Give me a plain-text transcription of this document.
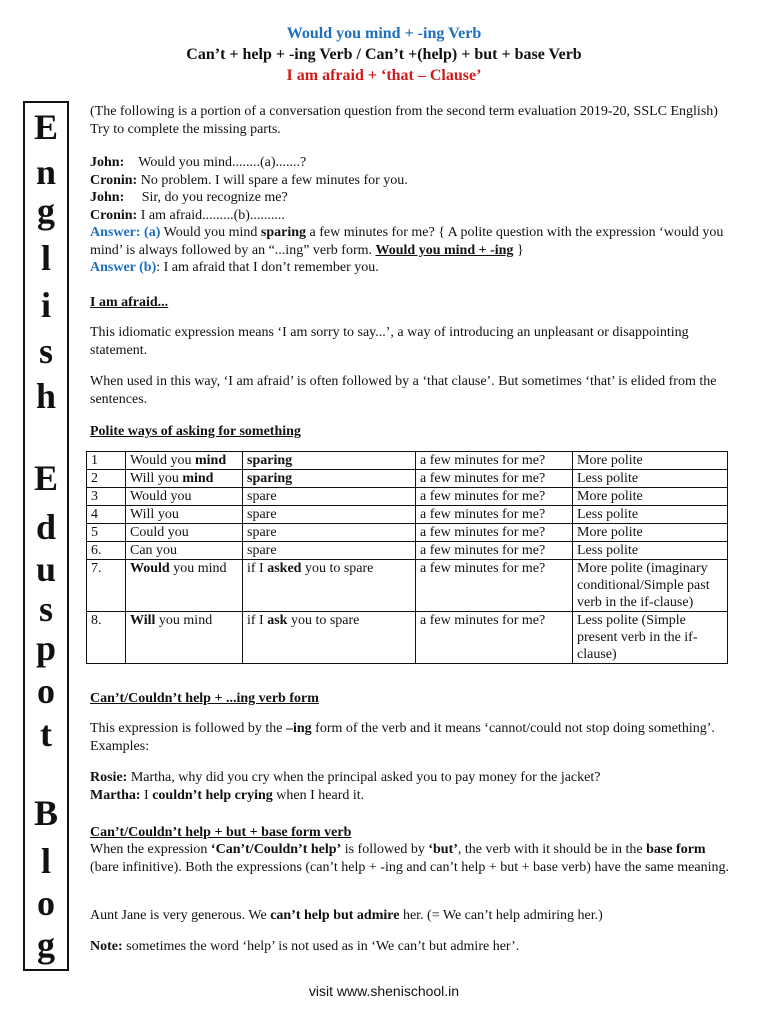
Would you mind + -ing Verb
Can’t + help + -ing Verb / Can’t +(help) + but + base Verb
I am afraid + ‘that – Clause’
E
n
g
l
i
s
h
E
d
u
s
p
o
t
B
l
o
g
(The following is a portion of a conversation question from the second term evaluation 2019-20, SSLC English) Try to complete the missing parts.
John: Would you mind........(a).......?
Cronin: No problem. I will spare a few minutes for you.
John: Sir, do you recognize me?
Cronin: I am afraid.........(b)..........
Answer: (a) Would you mind sparing a few minutes for me? { A polite question with the expression ‘would you mind’ is always followed by an “...ing” verb form. Would you mind + -ing }
Answer (b): I am afraid that I don’t remember you.
I am afraid...
This idiomatic expression means ‘I am sorry to say...’, a way of introducing an unpleasant or disappointing statement.
When used in this way, ‘I am afraid’ is often followed by a ‘that clause’. But sometimes ‘that’ is elided from the sentences.
Polite ways of asking for something
1	Would you mind	sparing	a few minutes for me?	More polite
2	Will you mind	sparing	a few minutes for me?	Less polite
3	Would you	spare	a few minutes for me?	More polite
4	Will you	spare	a few minutes for me?	Less polite
5	Could you	spare	a few minutes for me?	More polite
6.	Can you	spare	a few minutes for me?	Less polite
7.	Would you mind	if I asked you to spare	a few minutes for me?	More polite (imaginary conditional/Simple past verb in the if-clause)
8.	Will you mind	if I ask you to spare	a few minutes for me?	Less polite (Simple present verb in the if-clause)
Can’t/Couldn’t help + ...ing verb form
This expression is followed by the –ing form of the verb and it means ‘cannot/could not stop doing something’. Examples:
Rosie: Martha, why did you cry when the principal asked you to pay money for the jacket?
Martha: I couldn’t help crying when I heard it.
Can’t/Couldn’t help + but + base form verb
When the expression ‘Can’t/Couldn’t help’ is followed by ‘but’, the verb with it should be in the base form (bare infinitive). Both the expressions (can’t help + -ing and can’t help + but + base verb) have the same meaning.
Aunt Jane is very generous. We can’t help but admire her. (= We can’t help admiring her.)
Note: sometimes the word ‘help’ is not used as in ‘We can’t but admire her’.
visit www.shenischool.in
